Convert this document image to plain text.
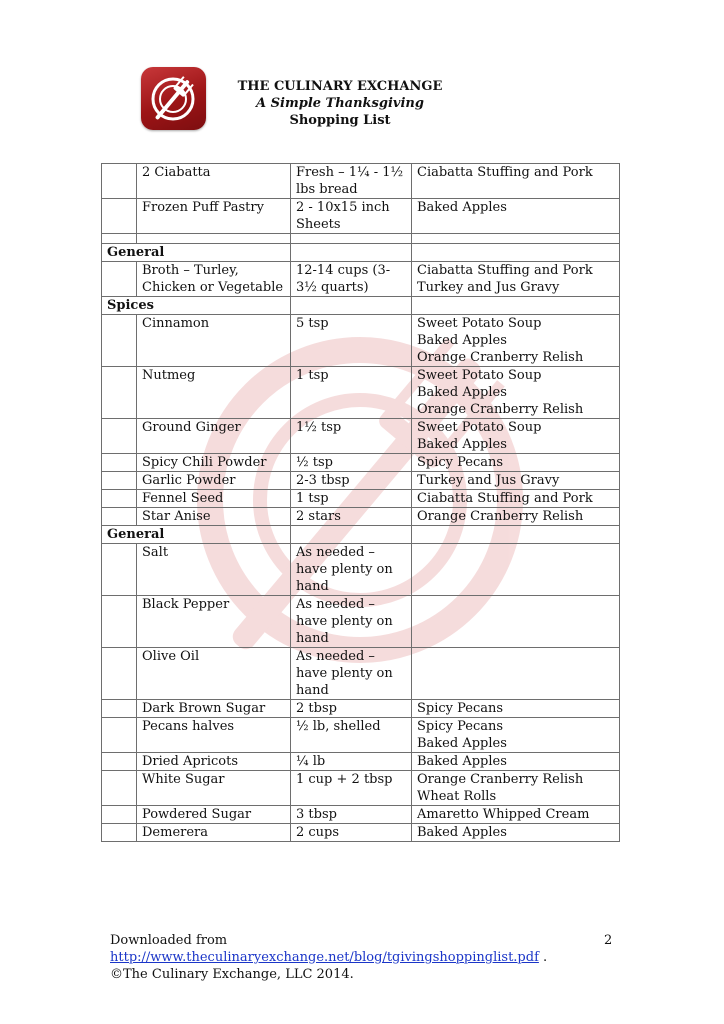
THE CULINARY EXCHANGE
A Simple Thanksgiving
Shopping List
	2 Ciabatta	Fresh – 1¼ - 1½ lbs bread	Ciabatta Stuffing and Pork

	Frozen Puff Pastry	2 - 10x15 inch Sheets	Baked Apples

General			
	Broth – Turley, Chicken or Vegetable	12-14 cups (3-3½ quarts)	Ciabatta Stuffing and Pork
Turkey and Jus Gravy

Spices			
	Cinnamon	5 tsp	Sweet Potato Soup
Baked Apples
Orange Cranberry Relish

	Nutmeg	1 tsp	Sweet Potato Soup
Baked Apples
Orange Cranberry Relish

	Ground Ginger	1½ tsp	Sweet Potato Soup
Baked Apples

	Spicy Chili Powder	½ tsp	Spicy Pecans

	Garlic Powder	2-3 tbsp	Turkey and Jus Gravy

	Fennel Seed	1 tsp	Ciabatta Stuffing and Pork

	Star Anise	2 stars	Orange Cranberry Relish

General			
	Salt	As needed – have plenty on hand	
	Black Pepper	As needed – have plenty on hand	
	Olive Oil	As needed – have plenty on hand	
	Dark Brown Sugar	2 tbsp	Spicy Pecans

	Pecans halves	½ lb, shelled	Spicy Pecans
Baked Apples

	Dried Apricots	¼ lb	Baked Apples

	White Sugar	1 cup + 2 tbsp	Orange Cranberry Relish
Wheat Rolls

	Powdered Sugar	3 tbsp	Amaretto Whipped Cream

	Demerera	2 cups	Baked Apples
Downloaded from
http://www.theculinaryexchange.net/blog/tgivingshoppinglist.pdf .
©The Culinary Exchange, LLC 2014.
2
